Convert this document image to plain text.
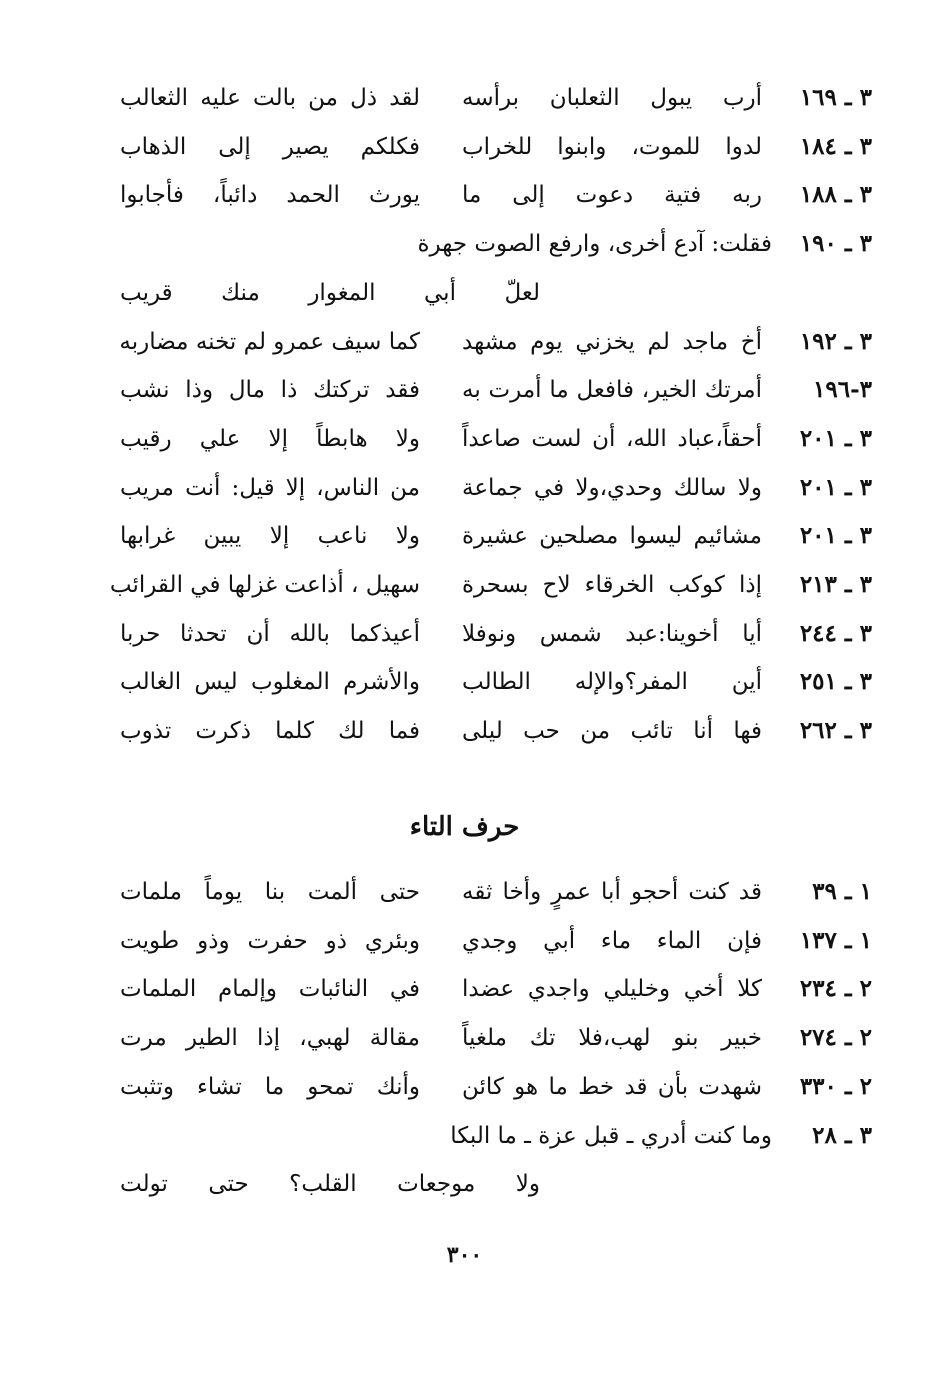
٣ ـ ١٦٩
أرب يبول الثعلبان برأسه
لقد ذل من بالت عليه الثعالب
٣ ـ ١٨٤
لدوا للموت، وابنوا للخراب
فكلكم يصير إلى الذهاب
٣ ـ ١٨٨
ربه فتية دعوت إلى ما
يورث الحمد دائباً، فأجابوا
٣ ـ ١٩٠
فقلت: آدع أخرى، وارفع الصوت جهرة
لعلّ أبي المغوار منك قريب
٣ ـ ١٩٢
أخ ماجد لم يخزني يوم مشهد
كما سيف عمرو لم تخنه مضاربه
٣-١٩٦
أمرتك الخير، فافعل ما أمرت به
فقد تركتك ذا مال وذا نشب
٣ ـ ٢٠١
أحقاً،عباد الله، أن لست صاعداً
ولا هابطاً إلا علي رقيب
٣ ـ ٢٠١
ولا سالك وحدي،ولا في جماعة
من الناس، إلا قيل: أنت مريب
٣ ـ ٢٠١
مشائيم ليسوا مصلحين عشيرة
ولا ناعب إلا يبين غرابها
٣ ـ ٢١٣
إذا كوكب الخرقاء لاح بسحرة
سهيل ، أذاعت غزلها في القرائب
٣ ـ ٢٤٤
أيا أخوينا:عبد شمس ونوفلا
أعيذكما بالله أن تحدثا حربا
٣ ـ ٢٥١
أين المفر؟والإله الطالب
والأشرم المغلوب ليس الغالب
٣ ـ ٢٦٢
فها أنا تائب من حب ليلى
فما لك كلما ذكرت تذوب
حرف التاء
١ ـ ٣٩
قد كنت أحجو أبا عمرٍ وأخا ثقه
حتى ألمت بنا يوماً ملمات
١ ـ ١٣٧
فإن الماء ماء أبي وجدي
وبئري ذو حفرت وذو طويت
٢ ـ ٢٣٤
كلا أخي وخليلي واجدي عضدا
في النائبات وإلمام الملمات
٢ ـ ٢٧٤
خبير بنو لهب،فلا تك ملغياً
مقالة لهبي، إذا الطير مرت
٢ ـ ٣٣٠
شهدت بأن قد خط ما هو كائن
وأنك تمحو ما تشاء وتثبت
٣ ـ ٢٨
وما كنت أدري ـ قبل عزة ـ ما البكا
ولا موجعات القلب؟ حتى تولت
٣٠٠
